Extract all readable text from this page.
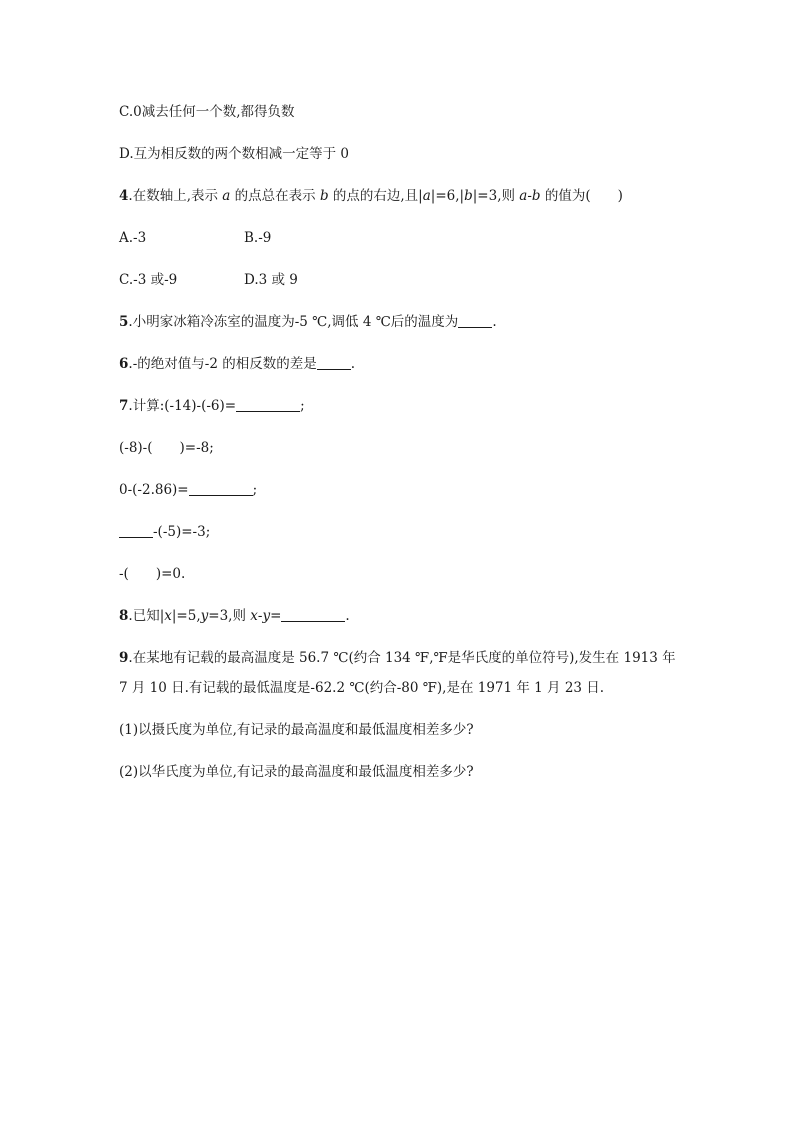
C.0减去任何一个数,都得负数
D.互为相反数的两个数相减一定等于 0
4.在数轴上,表示 a 的点总在表示 b 的点的右边,且|a|=6,|b|=3,则 a-b 的值为(　　)
A.-3	B.-9
C.-3 或-9	D.3 或 9
5.小明家冰箱冷冻室的温度为-5 ℃,调低 4 ℃后的温度为	.
6.-的绝对值与-2 的相反数的差是	.
7.计算:(-14)-(-6)=	;
(-8)-(　　)=-8;
0-(-2.86)=	;
-(-5)=-3;
-(　　)=0.
8.已知|x|=5,y=3,则 x-y=	.
9.在某地有记载的最高温度是 56.7 ℃(约合 134 ℉,℉是华氏度的单位符号),发生在 1913 年
7 月 10 日.有记载的最低温度是-62.2 ℃(约合-80 ℉),是在 1971 年 1 月 23 日.
(1)以摄氏度为单位,有记录的最高温度和最低温度相差多少?
(2)以华氏度为单位,有记录的最高温度和最低温度相差多少?
